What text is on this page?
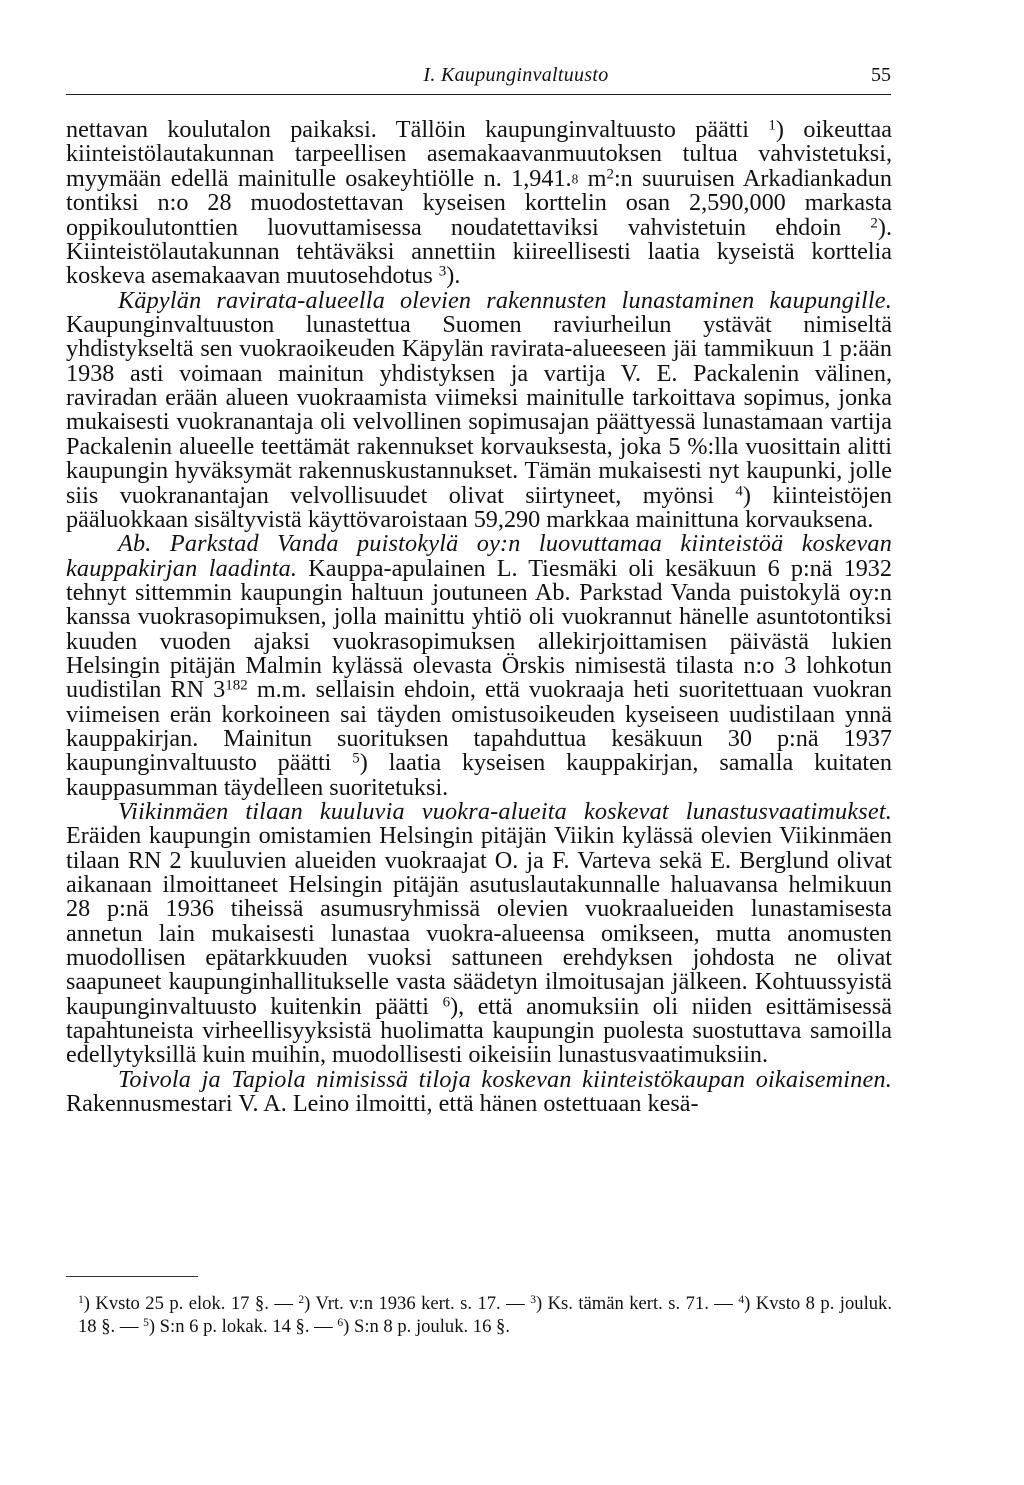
I. Kaupunginvaltuusto	55

nettavan koulutalon paikaksi. Tällöin kaupunginvaltuusto päätti $^1$) oikeuttaa kiinteistölautakunnan tarpeellisen asemakaavanmuutoksen tultua vahvistetuksi, myymään edellä mainitulle osakeyhtiölle n. $1,941._8$ $m^2:n$ suuruisen Arkadiankadun tontiksi n:o 28 muodostettavan kyseisen korttelin osan 2,590,000 markasta oppikoulutonttien luovuttamisessa noudatettaviksi vahvistetuin ehdoin $^2$). Kiinteistölautakunnan tehtäväksi annettiin kiireellisesti laatia kyseistä korttelia koskeva asemakaavan muutosehdotus $^3$).

Käpylän ravirata-alueella olevien rakennusten lunastaminen kaupungille. Kaupunginvaltuuston lunastettua Suomen raviurheilun ystävät nimiseltä yhdistykseltä sen vuokraoikeuden Käpylän ravirata-alueeseen jäi tammikuun 1 p:ään 1938 asti voimaan mainitun yhdistyksen ja vartija V. E. Packalenin välinen, raviradan erään alueen vuokraamista viimeksi mainitulle tarkoittava sopimus, jonka mukaisesti vuokranantaja oli velvollinen sopimusajan päättyessä lunastamaan vartija Packalenin alueelle teettämät rakennukset korvauksesta, joka 5 %:lla vuosittain alitti kaupungin hyväksymät rakennuskustannukset. Tämän mukaisesti nyt kaupunki, jolle siis vuokranantajan velvollisuudet olivat siirtyneet, myönsi $^4$) kiinteistöjen pääluokkaan sisältyvistä käyttövaroistaan 59,290 markkaa mainittuna korvauksena.

Ab. Parkstad Vanda puistokylä oy:n luovuttamaa kiinteistöä koskevan kauppakirjan laadinta. Kauppa-apulainen L. Tiesmäki oli kesäkuun 6 p:nä 1932 tehnyt sittemmin kaupungin haltuun joutuneen Ab. Parkstad Vanda puistokylä oy:n kanssa vuokrasopimuksen, jolla mainittu yhtiö oli vuokrannut hänelle asuntotontiksi kuuden vuoden ajaksi vuokrasopimuksen allekirjoittamisen päivästä lukien Helsingin pitäjän Malmin kylässä olevasta Örskis nimisestä tilasta n:o 3 lohkotun uudistilan RN $3^{182}$ m.m. sellaisin ehdoin, että vuokraaja heti suoritettuaan vuokran viimeisen erän korkoineen sai täyden omistusoikeuden kyseiseen uudistilaan ynnä kauppakirjan. Mainitun suorituksen tapahduttua kesäkuun 30 p:nä 1937 kaupunginvaltuusto päätti $^5$) laatia kyseisen kauppakirjan, samalla kuitaten kauppasumman täydelleen suoritetuksi.

Viikinmäen tilaan kuuluvia vuokra-alueita koskevat lunastusvaatimukset. Eräiden kaupungin omistamien Helsingin pitäjän Viikin kylässä olevien Viikinmäen tilaan RN 2 kuuluvien alueiden vuokraajat O. ja F. Varteva sekä E. Berglund olivat aikanaan ilmoittaneet Helsingin pitäjän asutuslautakunnalle haluavansa helmikuun 28 p:nä 1936 tiheissä asumusryhmissä olevien vuokraalueiden lunastamisesta annetun lain mukaisesti lunastaa vuokra-alueensa omikseen, mutta anomusten muodollisen epätarkkuuden vuoksi sattuneen erehdyksen johdosta ne olivat saapuneet kaupunginhallitukselle vasta säädetyn ilmoitusajan jälkeen. Kohtuussyistä kaupunginvaltuusto kuitenkin päätti $^6$), että anomuksiin oli niiden esittämisessä tapahtuneista virheellisyyksistä huolimatta kaupungin puolesta suostuttava samoilla edellytyksillä kuin muihin, muodollisesti oikeisiin lunastusvaatimuksiin.

Toivola ja Tapiola nimisissä tiloja koskevan kiinteistökaupan oikaiseminen. Rakennusmestari V. A. Leino ilmoitti, että hänen ostettuaan kesä-

$^1$) Kvsto 25 p. elok. 17 §. — $^2$) Vrt. v:n 1936 kert. s. 17. — $^3$) Ks. tämän kert. s. 71. — $^4$) Kvsto 8 p. jouluk. 18 §. — $^5$) S:n 6 p. lokak. 14 §. — $^6$) S:n 8 p. jouluk. 16 §.
